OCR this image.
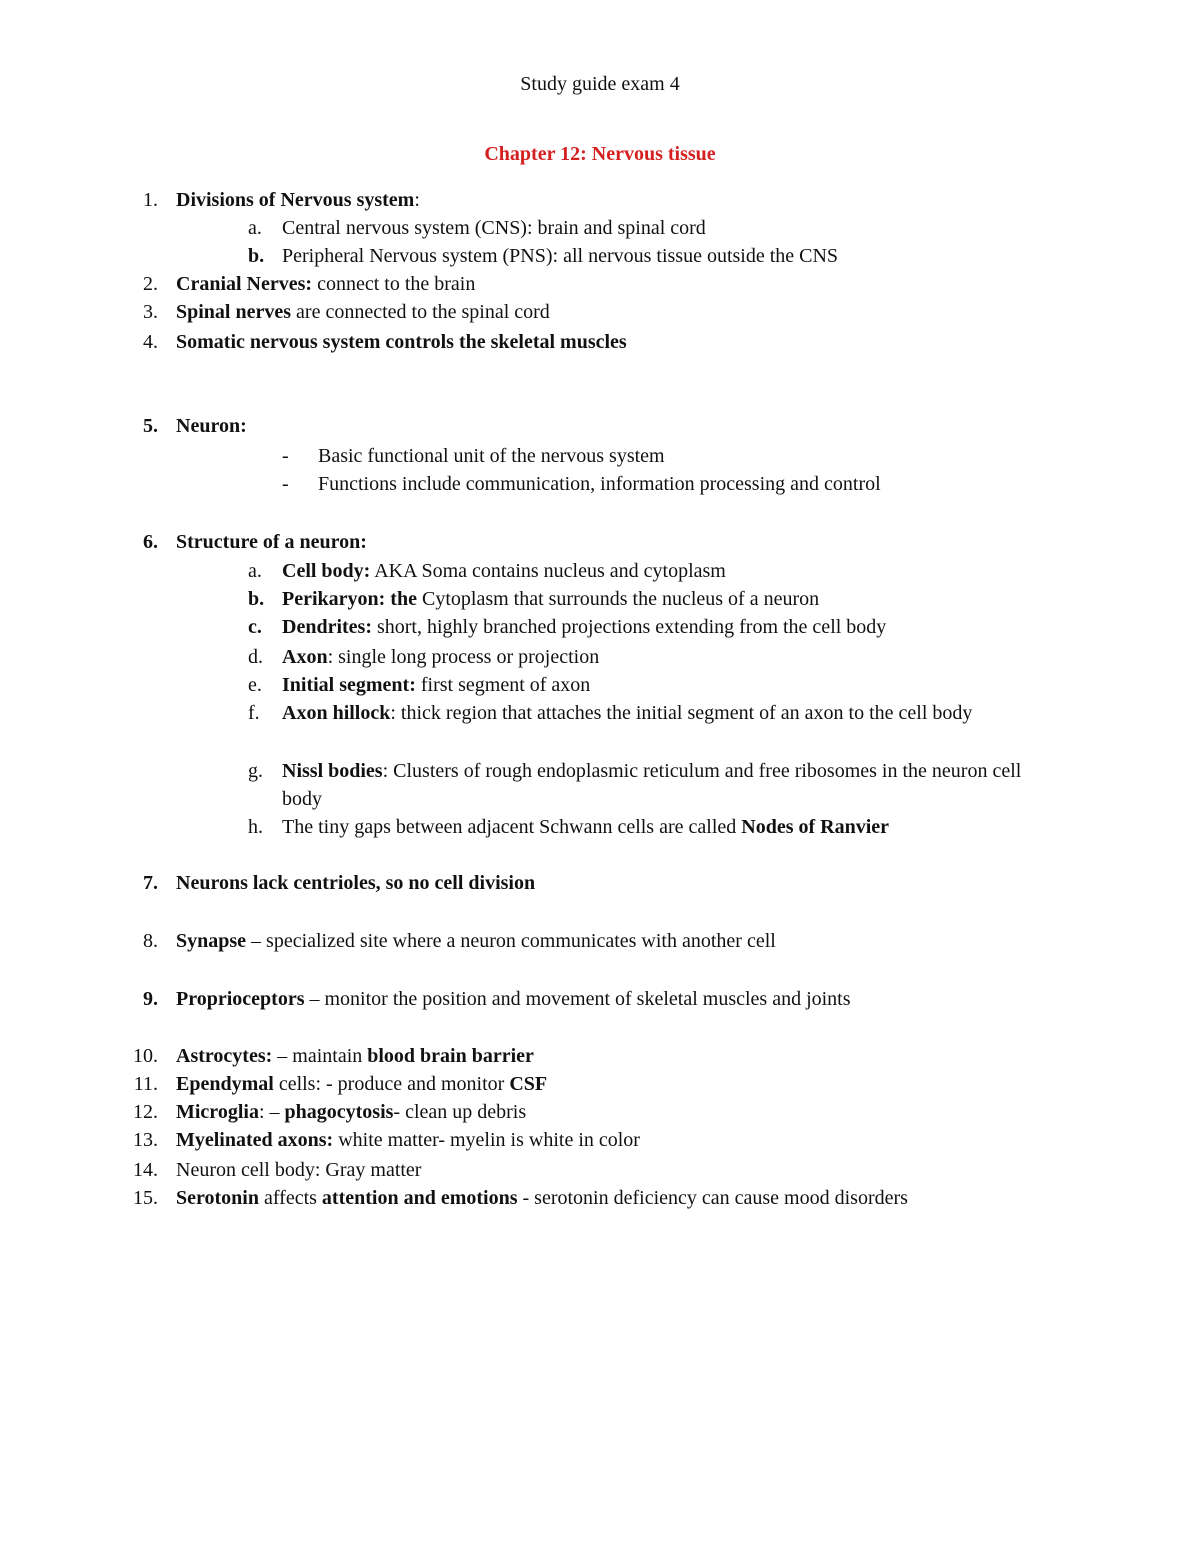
Study guide exam 4
Chapter 12: Nervous tissue
1. Divisions of Nervous system:
a.	Central nervous system (CNS): brain and spinal cord
b. Peripheral Nervous system (PNS): all nervous tissue outside the CNS
2. Cranial Nerves: connect to the brain
3. Spinal nerves are connected to the spinal cord
4. Somatic nervous system controls the skeletal muscles
5. Neuron:
-	Basic functional unit of the nervous system
-	Functions include communication, information processing and control
6. Structure of a neuron:
a.	Cell body: AKA Soma contains nucleus and cytoplasm
b. Perikaryon: the Cytoplasm that surrounds the nucleus of a neuron
c.	Dendrites: short, highly branched projections extending from the cell body
d. Axon: single long process or projection
e.	Initial segment: first segment of axon
f.	Axon hillock: thick region that attaches the initial segment of an axon to the cell body
g. Nissl bodies: Clusters of rough endoplasmic reticulum and free ribosomes in the neuron cell body
h. The tiny gaps between adjacent Schwann cells are called Nodes of Ranvier
7. Neurons lack centrioles, so no cell division
8. Synapse – specialized site where a neuron communicates with another cell
9. Proprioceptors – monitor the position and movement of skeletal muscles and joints
10. Astrocytes: – maintain blood brain barrier
11. Ependymal cells: - produce and monitor CSF
12. Microglia: – phagocytosis- clean up debris
13. Myelinated axons: white matter- myelin is white in color
14. Neuron cell body: Gray matter
15. Serotonin affects attention and emotions - serotonin deficiency can cause mood disorders
